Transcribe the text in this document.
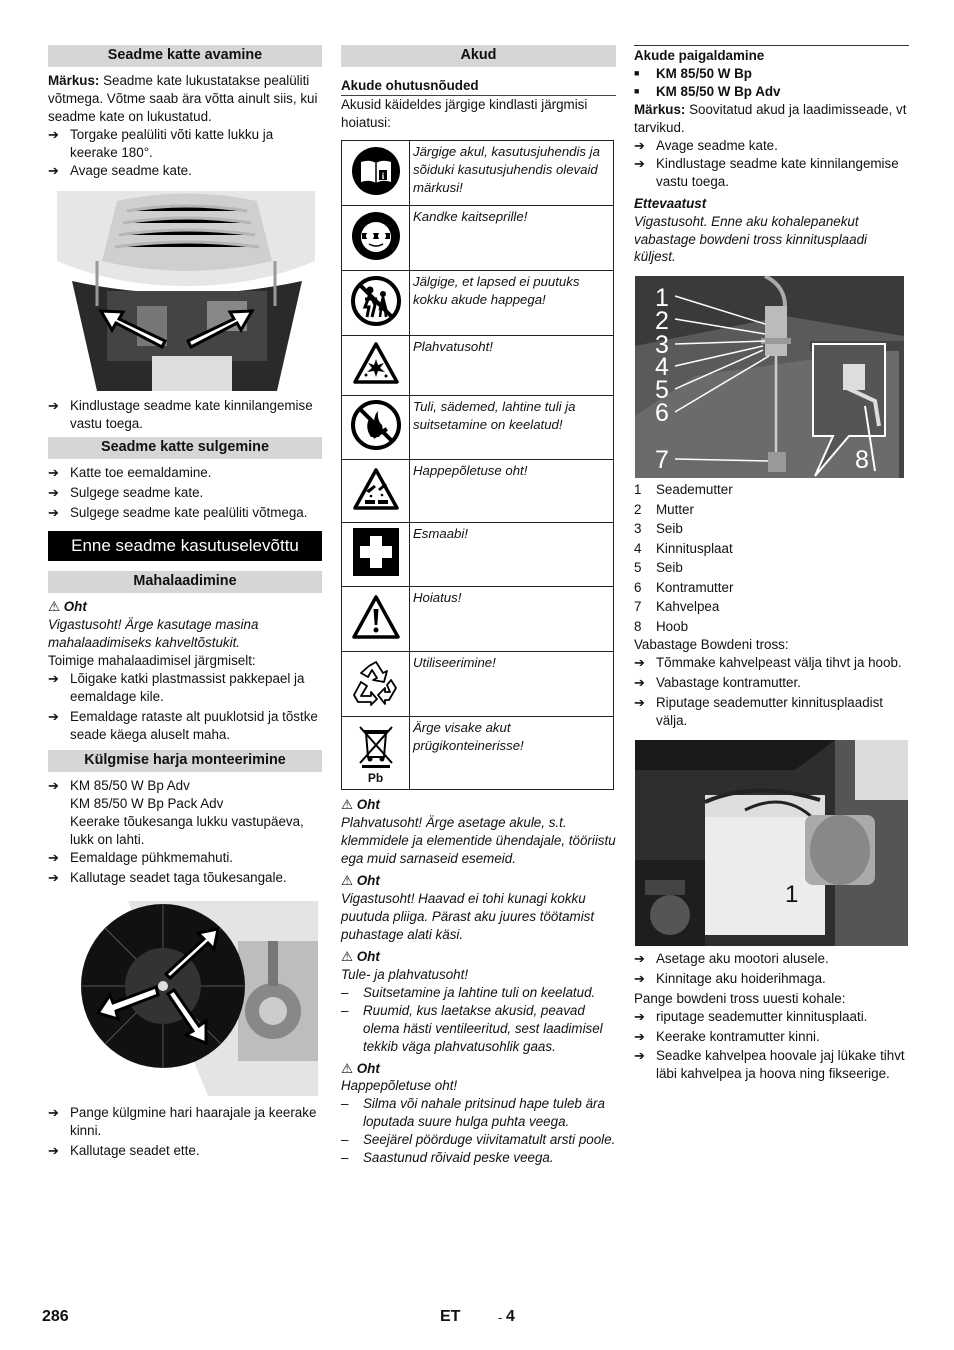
Seadme katte avamine
Märkus: Seadme kate lukustatakse pealüliti võtmega. Võtme saab ära võtta ainult siis, kui seadme kate on lukustatud.
➔ Torgake pealüliti võti katte lukku ja keerake 180°.
➔ Avage seadme kate.
➔ Kindlustage seadme kate kinnilangemise vastu toega.
Seadme katte sulgemine
➔ Katte toe eemaldamine.
➔ Sulgege seadme kate.
➔ Sulgege seadme kate pealüliti võtmega.
Enne seadme kasutuselevõttu
Mahalaadimine
⚠ Oht
Vigastusoht! Ärge kasutage masina mahalaadimiseks kahveltõstukit.
Toimige mahalaadimisel järgmiselt:
➔ Lõigake katki plastmassist pakkepael ja eemaldage kile.
➔ Eemaldage rataste alt puuklotsid ja tõstke seade käega aluselt maha.
Külgmise harja monteerimine
➔ KM 85/50 W Bp Adv
KM 85/50 W Bp Pack Adv
Keerake tõukesanga lukku vastupäeva, lukk on lahti.
➔ Eemaldage pühkmemahuti.
➔ Kallutage seadet taga tõukesangale.
➔ Pange külgmine hari haarajale ja keerake kinni.
➔ Kallutage seadet ette.
Akud
Akude ohutusnõuded
Akusid käideldes järgige kindlasti järgmisi hoiatusi:
i	Järgige akul, kasutusjuhendis ja sõiduki kasutusjuhendis olevaid märkusi!
	Kandke kaitseprille!
	Jälgige, et lapsed ei puutuks kokku akude happega!
	Plahvatusoht!
	Tuli, sädemed, lahtine tuli ja suitsetamine on keelatud!
	Happepõletuse oht!
	Esmaabi!
	Hoiatus!
	Utiliseerimine!

Pb	Ärge visake akut prügikonteinerisse!
⚠ Oht
Plahvatusoht! Ärge asetage akule, s.t. klemmidele ja elementide ühendajale, tööriistu ega muid sarnaseid esemeid.
⚠ Oht
Vigastusoht! Haavad ei tohi kunagi kokku puutuda pliiga. Pärast aku juures töötamist puhastage alati käsi.
⚠ Oht
Tule- ja plahvatusoht!
–	Suitsetamine ja lahtine tuli on keelatud.
–	Ruumid, kus laetakse akusid, peavad olema hästi ventileeritud, sest laadimisel tekkib väga plahvatusohlik gaas.
⚠ Oht
Happepõletuse oht!
–	Silma või nahale pritsinud hape tuleb ära loputada suure hulga puhta veega.
–	Seejärel pöörduge viivitamatult arsti poole.
–	Saastunud rõivaid peske veega.
Akude paigaldamine
■	KM 85/50 W Bp
■	KM 85/50 W Bp Adv
Märkus: Soovitatud akud ja laadimisseade, vt tarvikud.
➔ Avage seadme kate.
➔ Kindlustage seadme kate kinnilangemise vastu toega.
Ettevaatust
Vigastusoht. Enne aku kohalepanekut vabastage bowdeni tross kinnitusplaadi küljest.
1
2
3
4
5
6
7	8
1	Seademutter
2	Mutter
3	Seib
4	Kinnitusplaat
5	Seib
6	Kontramutter
7	Kahvelpea
8	Hoob
Vabastage Bowdeni tross:
➔ Tõmmake kahvelpeast välja tihvt ja hoob.
➔ Vabastage kontramutter.
➔ Riputage seademutter kinnitusplaadist välja.
1
➔ Asetage aku mootori alusele.
➔ Kinnitage aku hoiderihmaga.
Pange bowdeni tross uuesti kohale:
➔ riputage seademutter kinnitusplaati.
➔ Keerake kontramutter kinni.
➔ Seadke kahvelpea hoovale jaj lükake tihvt läbi kahvelpea ja hoova ning fikseerige.
286	ET	- 4
